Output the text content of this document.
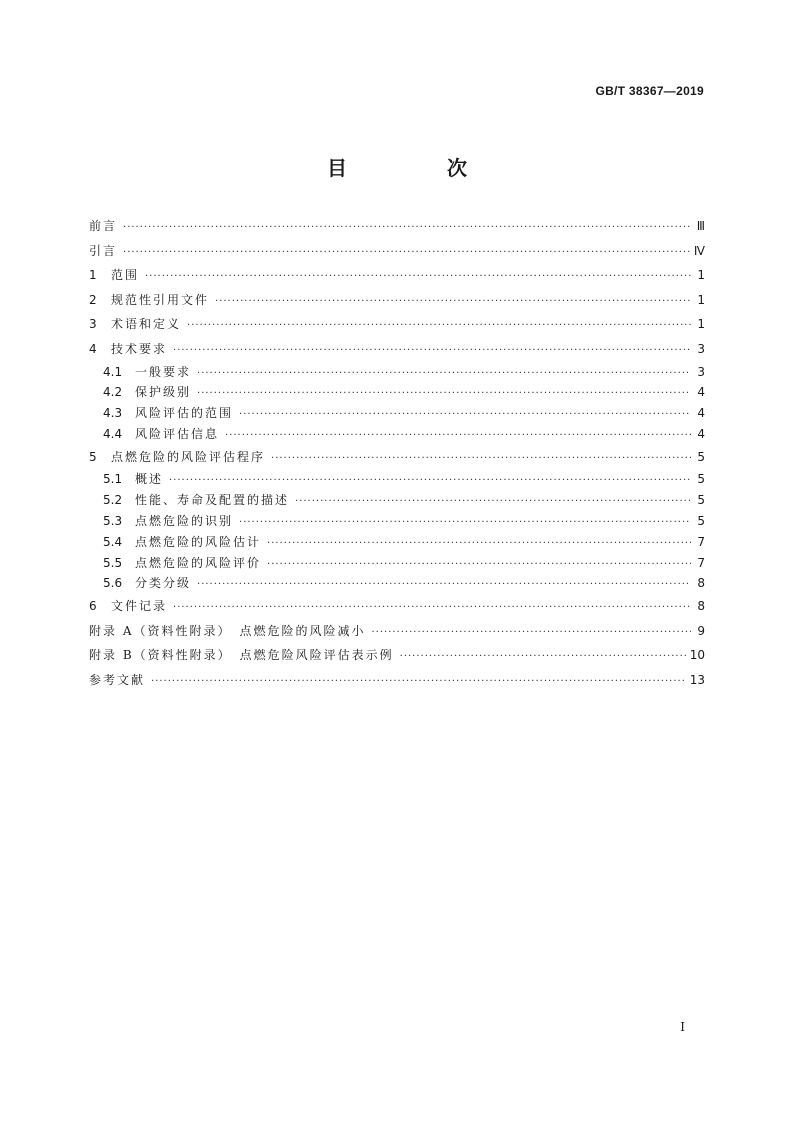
GB/T 38367—2019
目　次
前言 ·····	Ⅲ
引言 ·····	Ⅳ
1	范围 ·····	1
2	规范性引用文件 ·····	1
3	术语和定义 ·····	1
4	技术要求 ·····	3
4.1	一般要求 ·····	3
4.2	保护级别 ·····	4
4.3	风险评估的范围 ·····	4
4.4	风险评估信息 ·····	4
5	点燃危险的风险评估程序 ·····	5
5.1	概述 ·····	5
5.2	性能、寿命及配置的描述 ·····	5
5.3	点燃危险的识别 ·····	5
5.4	点燃危险的风险估计 ·····	7
5.5	点燃危险的风险评价 ·····	7
5.6	分类分级 ·····	8
6	文件记录 ·····	8
附录 A（资料性附录）　点燃危险的风险减小 ·····	9
附录 B（资料性附录）　点燃危险风险评估表示例 ·····	10
参考文献 ·····	13
I
